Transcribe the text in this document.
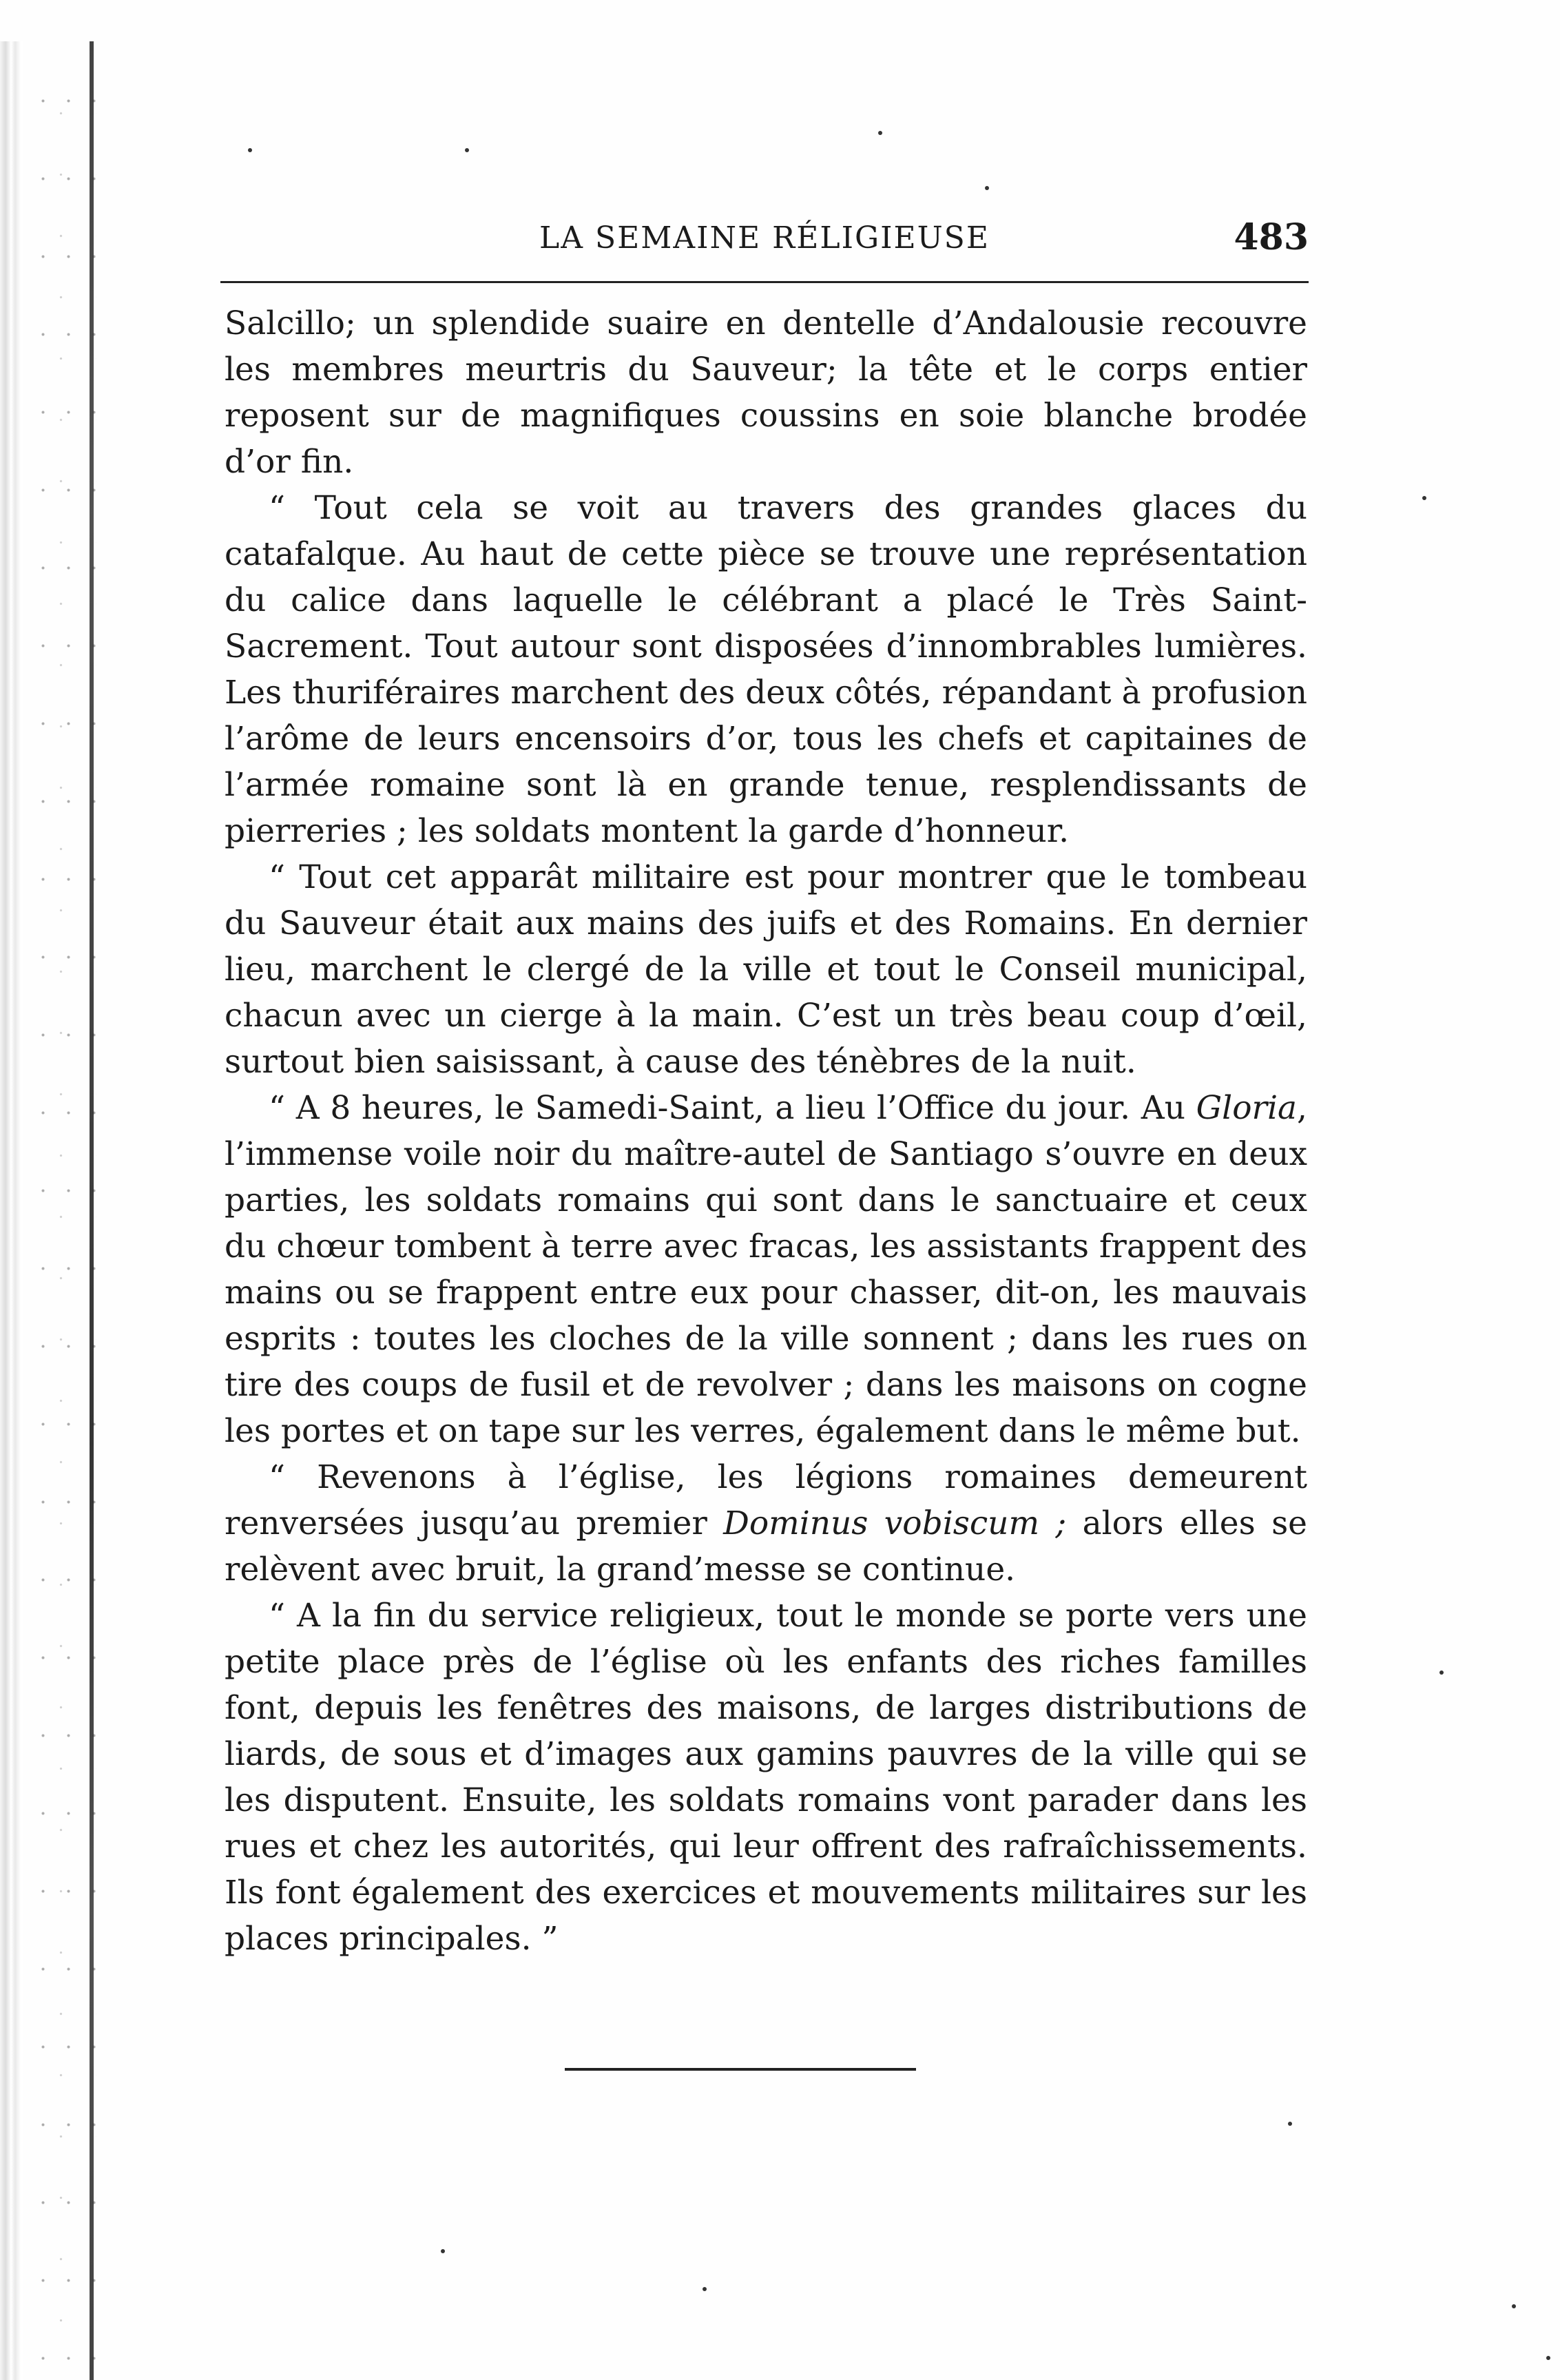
LA SEMAINE RÉLIGIEUSE	483

Salcillo; un splendide suaire en dentelle d’Andalousie recouvre les membres meurtris du Sauveur; la tête et le corps entier reposent sur de magnifiques coussins en soie blanche brodée d’or fin.

“ Tout cela se voit au travers des grandes glaces du catafalque. Au haut de cette pièce se trouve une représentation du calice dans laquelle le célébrant a placé le Très Saint-Sacrement. Tout autour sont disposées d’innombrables lumières. Les thuriféraires marchent des deux côtés, répandant à profusion l’arôme de leurs encensoirs d’or, tous les chefs et capitaines de l’armée romaine sont là en grande tenue, resplendissants de pierreries ; les soldats montent la garde d’honneur.

“ Tout cet apparât militaire est pour montrer que le tombeau du Sauveur était aux mains des juifs et des Romains. En dernier lieu, marchent le clergé de la ville et tout le Conseil municipal, chacun avec un cierge à la main. C’est un très beau coup d’œil, surtout bien saisissant, à cause des ténèbres de la nuit.

“ A 8 heures, le Samedi-Saint, a lieu l’Office du jour. Au Gloria, l’immense voile noir du maître-autel de Santiago s’ouvre en deux parties, les soldats romains qui sont dans le sanctuaire et ceux du chœur tombent à terre avec fracas, les assistants frappent des mains ou se frappent entre eux pour chasser, dit-on, les mauvais esprits : toutes les cloches de la ville sonnent ; dans les rues on tire des coups de fusil et de revolver ; dans les maisons on cogne les portes et on tape sur les verres, également dans le même but.

“ Revenons à l’église, les légions romaines demeurent renversées jusqu’au premier Dominus vobiscum ; alors elles se relèvent avec bruit, la grand’messe se continue.

“ A la fin du service religieux, tout le monde se porte vers une petite place près de l’église où les enfants des riches familles font, depuis les fenêtres des maisons, de larges distributions de liards, de sous et d’images aux gamins pauvres de la ville qui se les disputent. Ensuite, les soldats romains vont parader dans les rues et chez les autorités, qui leur offrent des rafraîchissements. Ils font également des exercices et mouvements militaires sur les places principales. ”
